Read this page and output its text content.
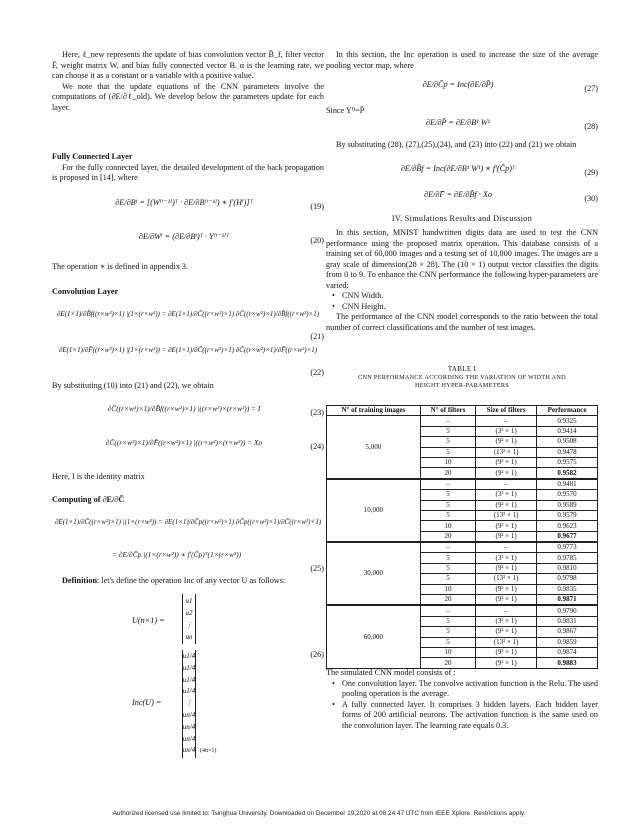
Here, ℓ_new represents the update of bias convolution vector B̄_f, filter vector F̄, weight matrix W, and bias fully connected vector B. α is the learning rate, we can choose it as a constant or a variable with a positive value.

We note that the update equations of the CNN parameters involve the computations of (∂E/∂ℓ_old). We develop below the parameters update for each layer.

Fully Connected Layer

For the fully connected layer, the detailed development of the back propagation is proposed in [14], where

∂E/∂Bⁱ = [(W⁽ⁱ⁻¹⁾)ᵀ · ∂E/∂B⁽ⁱ⁻¹⁾) ∗ f′(Hⁱ)]ᵀ	(19)
∂E/∂Wⁱ = (∂E/∂Bⁱ)ᵀ · Y⁽ⁱ⁻¹⁾ᵀ	(20)
The operation ∗ is defined in appendix 3.
Convolution Layer
∂E(1×1)/∂B̄f((r×w²)×1) |(1×(r×w²)) = ∂E(1×1)/∂C̄((r×w²)×1) ∂C̄((r×w²)×1)/∂B̄f((r×w²)×1)
(21)
∂E(1×1)/∂F̄((r×w²)×1) |(1×(r×w²)) = ∂E(1×1)/∂C̄((r×w²)×1) ∂C̄((r×w²)×1)/∂F̄((r×w²)×1)
(22)
By substituting (10) into (21) and (22), we obtain
∂C̄((r×w²)×1)/∂B̄f((r×w²)×1) |((r×w²)×(r×w²)) = I	(23)
∂C̄((r×w²)×1)/∂F̄((r×w²)×1) |((r×w²)×(r×w²)) = Xo	(24)
Here, I is the identity matrix
Computing of ∂E/∂C̄
∂E(1×1)/∂C̄((r×w²)×1) |(1×(r×w²)) = ∂E(1×1)/∂C̄p((r×w²)×1) ∂C̄p((r×w²)×1)/∂C̄((r×w²)×1)
= ∂E/∂C̄p |(1×(r×w²)) ∗ f′(C̄p)ᵀ(1×(r×w²))
(25)

Definition: let's define the operation Inc of any vector U as follows:

U(n×1) =
u1
u2
⋮
un
Inc(U) =
u1/4
u1/4
u1/4
u1/4
⋮
un/4
un/4
un/4
un/4 (4n×1)
(26)

In this section, the Inc operation is used to increase the size of the average pooling vector map, where

∂E/∂C̄p = Inc(∂E/∂P̄)	(27)
Since Y⁰=P̄
∂E/∂P̄ = ∂E/∂B¹ W¹	(28)

By substituting (28), (27),(25),(24), and (23) into (22) and (21) we obtain

∂E/∂B̄f = Inc(∂E/∂B¹ W¹) ∗ f′(C̄p)ᵀ	(29)
∂E/∂F̄ = ∂E/∂B̄f · Xo	(30)
IV. Simulations Results and Discussion

In this section, MNIST handwritten digits data are used to test the CNN performance using the proposed matrix operation. This database consists of a training set of 60,000 images and a testing set of 10,000 images. The images are a gray scale of dimension(28 × 28). The (10 × 1) output vector classifies the digits from 0 to 9. To enhance the CNN performance the following hyper-parameters are varied:

• CNN Width.
• CNN Height.

The performance of the CNN model corresponds to the ratio between the total number of correct classifications and the number of test images.

TABLE I
CNN PERFORMANCE ACCORDING THE VARIATION OF WIDTH AND HEIGHT HYPER-PARAMETERS
N° of training images	N° of filters	Size of filters	Performance
5,000	–	–	0.9325
	5	(3² × 1)	0.9414
	5	(9² × 1)	0.9508
	5	(13² × 1)	0.9478
	10	(9² × 1)	0.9575
	20	(9² × 1)	0.9582
10,000	–	–	0.9481
	5	(3² × 1)	0.9570
	5	(9² × 1)	0.9589
	5	(13² × 1)	0.9579
	10	(9² × 1)	0.9623
	20	(9² × 1)	0.9677
30,000	–	–	0.9773
	5	(3² × 1)	0.9785
	5	(9² × 1)	0.9810
	5	(13² × 1)	0.9798
	10	(9² × 1)	0.9835
	20	(9² × 1)	0.9871
60,000	–	–	0.9790
	5	(3² × 1)	0.9831
	5	(9² × 1)	0.9867
	5	(13² × 1)	0.9859
	10	(9² × 1)	0.9874
	20	(9² × 1)	0.9883

The simulated CNN model consists of :

• One convolution layer. The convolve activation function is the Relu. The used pooling operation is the average.
• A fully connected layer. It comprises 3 hidden layers. Each hidden layer forms of 200 artificial neurons. The activation function is the same used on the convolution layer. The learning rate equals 0.3.
Authorized licensed use limited to: Tsinghua University. Downloaded on December 19,2020 at 08:24:47 UTC from IEEE Xplore. Restrictions apply.
